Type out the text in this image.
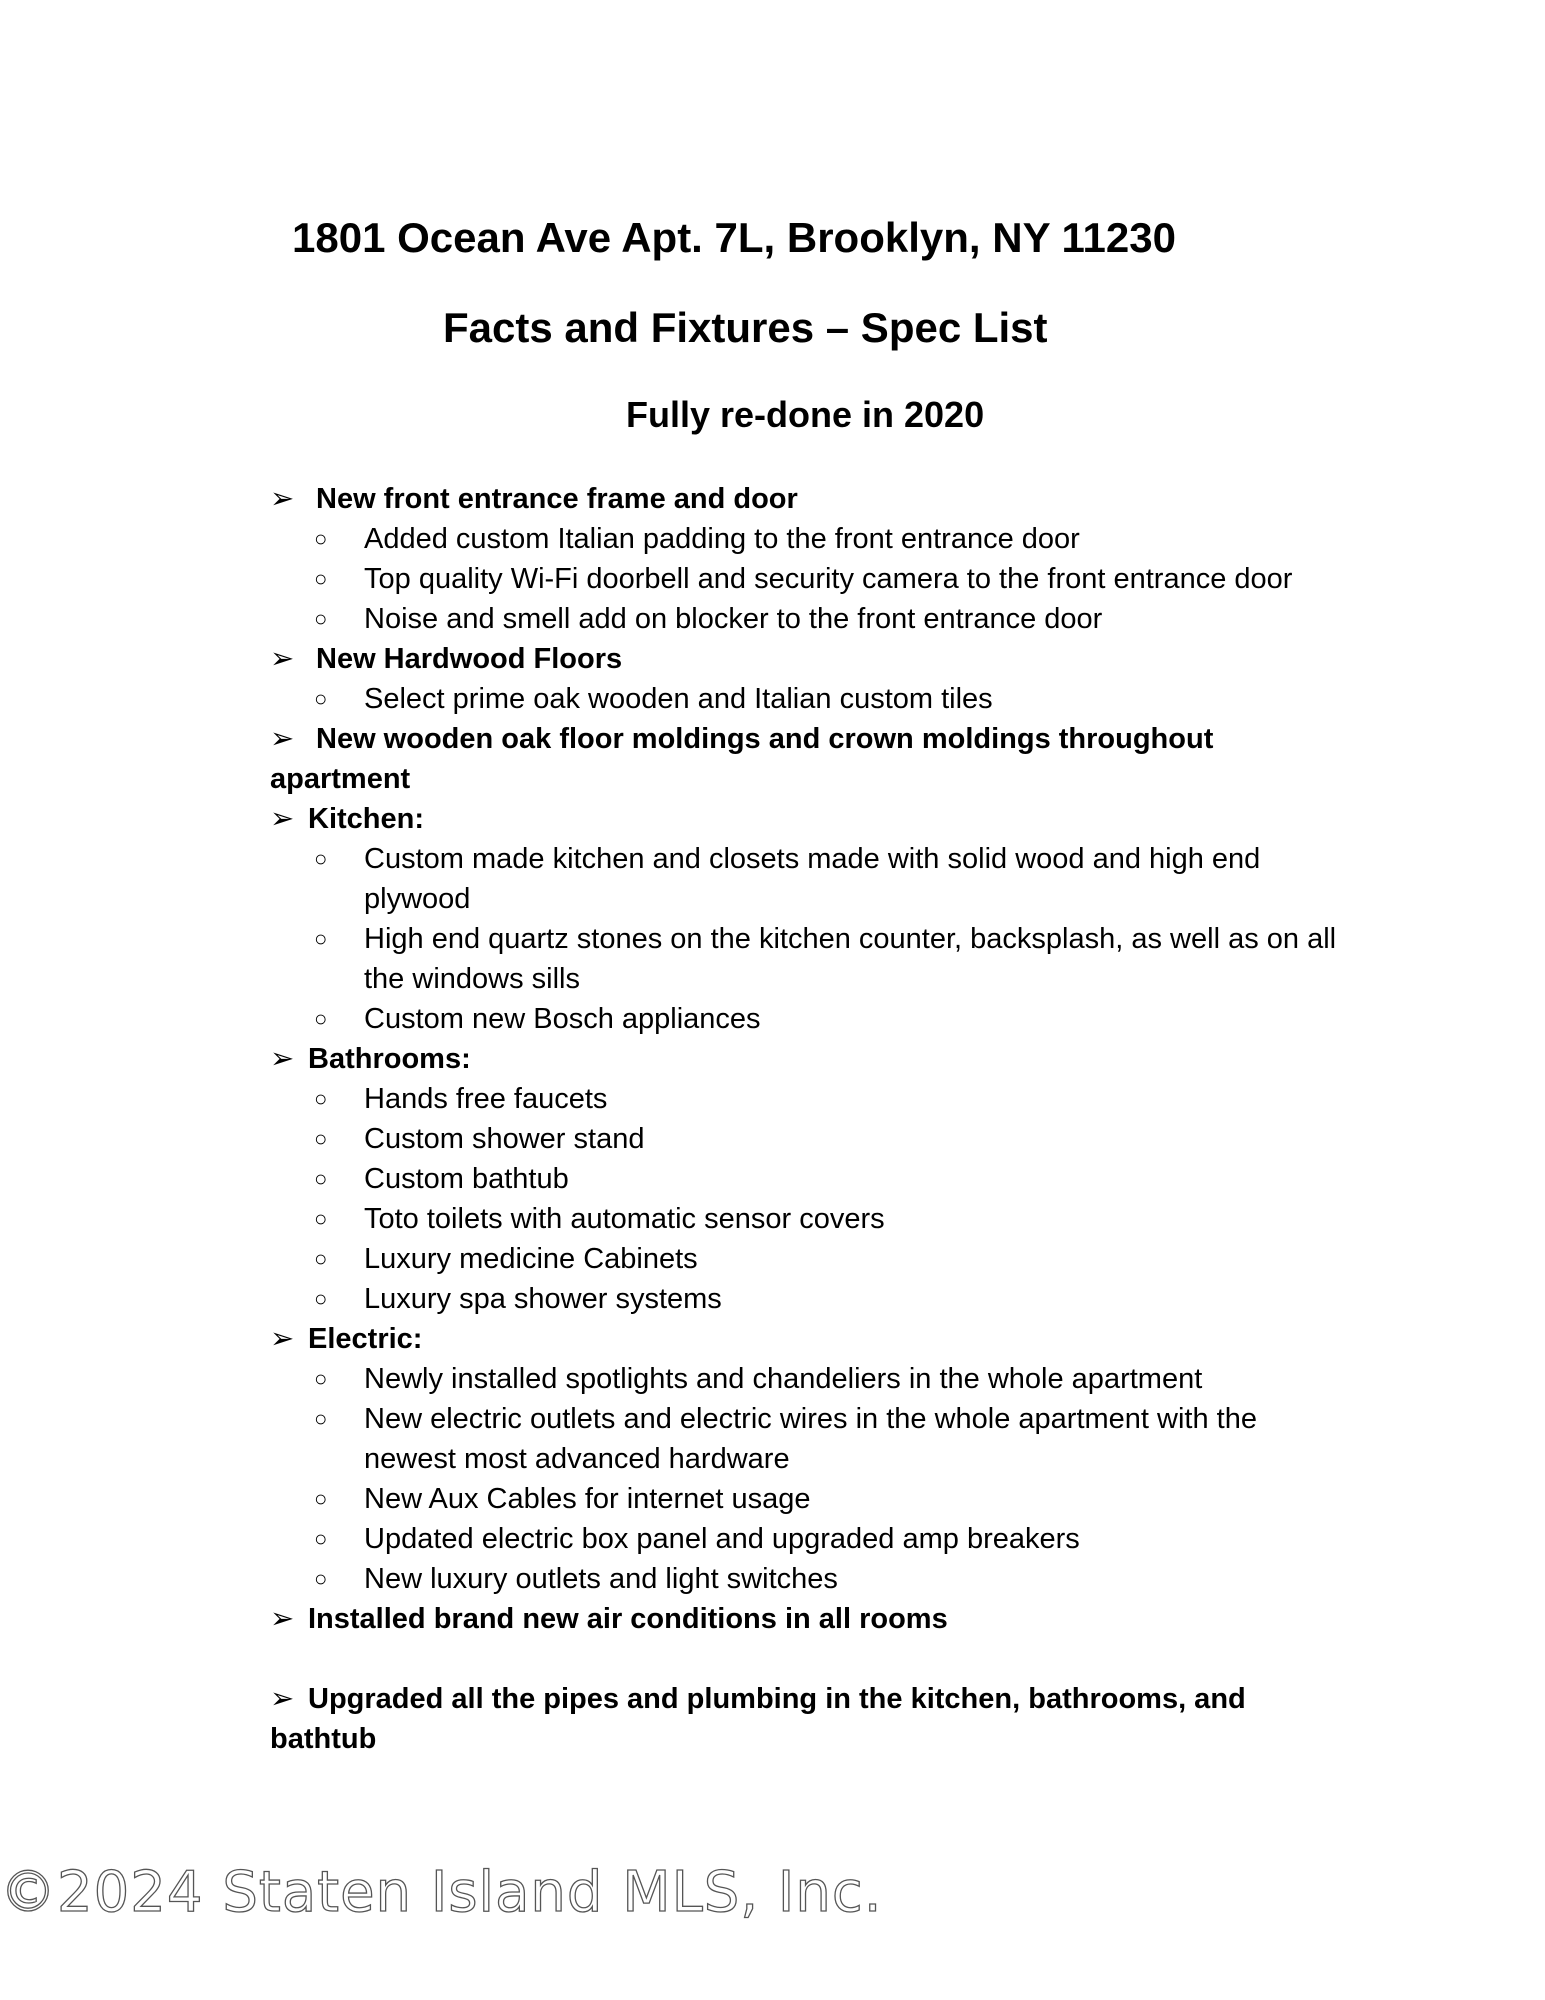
1801 Ocean Ave Apt. 7L, Brooklyn, NY 11230
Facts and Fixtures – Spec List
Fully re-done in 2020
➢ New front entrance frame and door
○	Added custom Italian padding to the front entrance door
○	Top quality Wi-Fi doorbell and security camera to the front entrance door
○	Noise and smell add on blocker to the front entrance door
➢ New Hardwood Floors
○	Select prime oak wooden and Italian custom tiles
➢ New wooden oak floor moldings and crown moldings throughout apartment
➢ Kitchen:
○	Custom made kitchen and closets made with solid wood and high end plywood
○	High end quartz stones on the kitchen counter, backsplash, as well as on all the windows sills
○	Custom new Bosch appliances
➢ Bathrooms:
○	Hands free faucets
○	Custom shower stand
○	Custom bathtub
○	Toto toilets with automatic sensor covers
○	Luxury medicine Cabinets
○	Luxury spa shower systems
➢ Electric:
○	Newly installed spotlights and chandeliers in the whole apartment
○	New electric outlets and electric wires in the whole apartment with the newest most advanced hardware
○	New Aux Cables for internet usage
○	Updated electric box panel and upgraded amp breakers
○	New luxury outlets and light switches
➢ Installed brand new air conditions in all rooms
➢ Upgraded all the pipes and plumbing in the kitchen, bathrooms, and bathtub
©2024 Staten Island MLS, Inc.
